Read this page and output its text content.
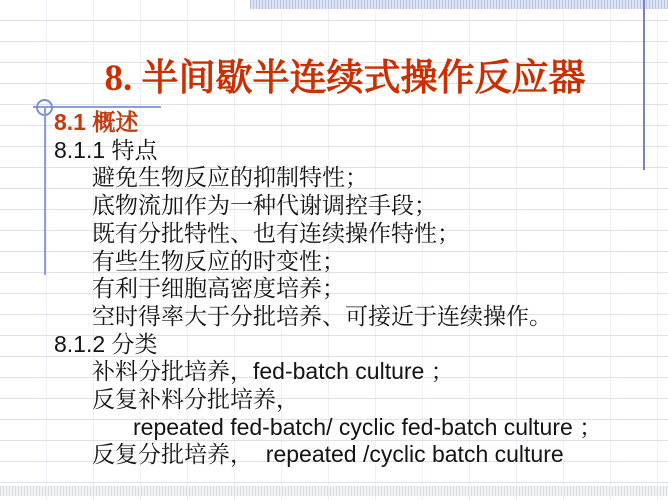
8. 半间歇半连续式操作反应器
8.1 概述
8.1.1 特点
避免生物反应的抑制特性；
底物流加作为一种代谢调控手段；
既有分批特性、也有连续操作特性；
有些生物反应的时变性；
有利于细胞高密度培养；
空时得率大于分批培养、可接近于连续操作。
8.1.2 分类
补料分批培养，fed-batch culture ；
反复补料分批培养，
repeated fed-batch/ cyclic fed-batch culture ；
反复分批培养，  repeated /cyclic batch culture
